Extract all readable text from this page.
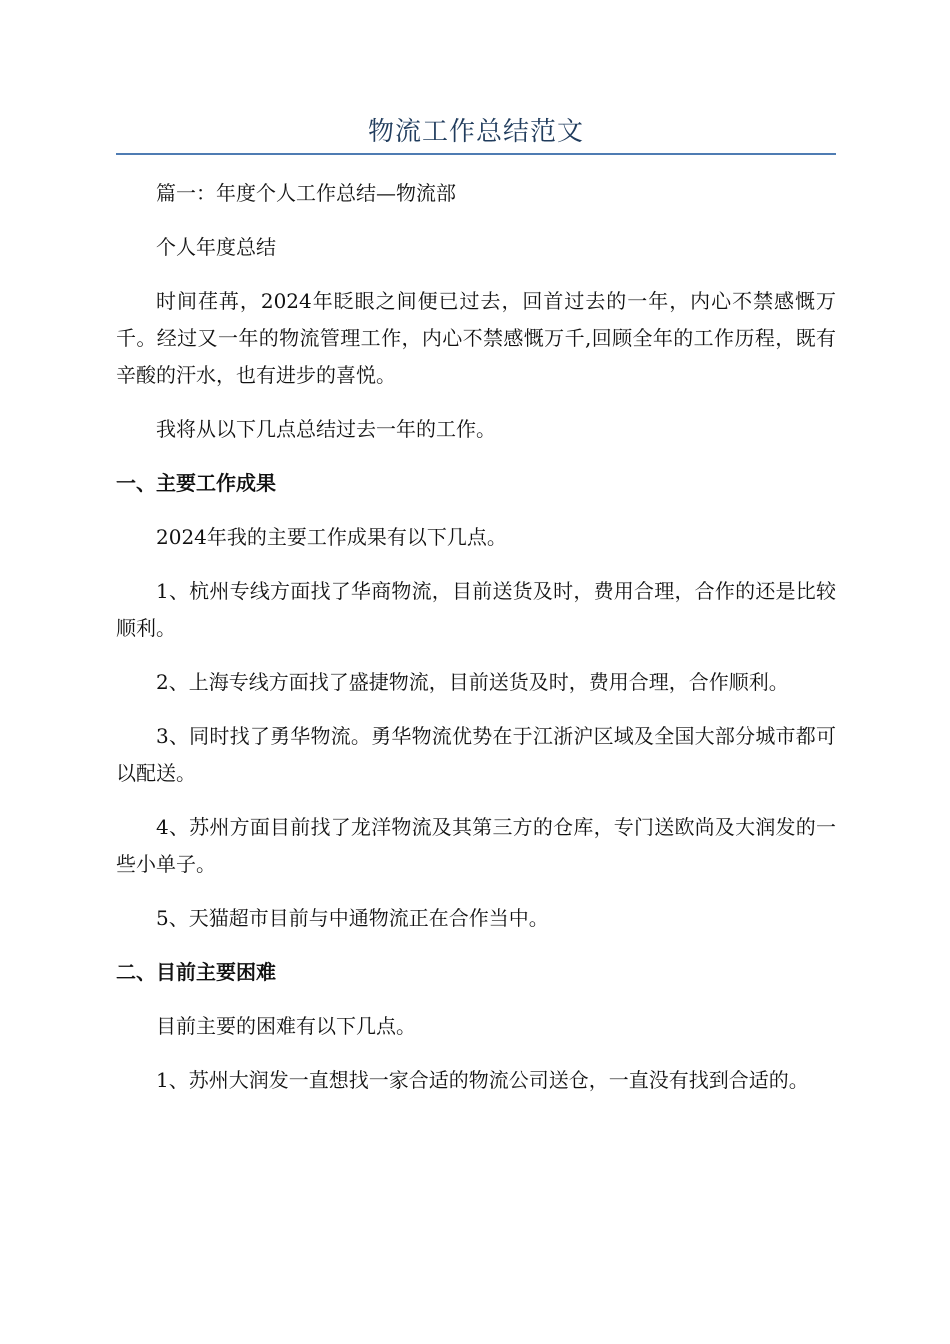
物流工作总结范文

篇一：年度个人工作总结—物流部

个人年度总结

时间荏苒，2024年眨眼之间便已过去，回首过去的一年，内心不禁感慨万千。经过又一年的物流管理工作，内心不禁感慨万千,回顾全年的工作历程，既有辛酸的汗水，也有进步的喜悦。

我将从以下几点总结过去一年的工作。

一、主要工作成果

2024年我的主要工作成果有以下几点。

1、杭州专线方面找了华商物流，目前送货及时，费用合理，合作的还是比较顺利。

2、上海专线方面找了盛捷物流，目前送货及时，费用合理，合作顺利。

3、同时找了勇华物流。勇华物流优势在于江浙沪区域及全国大部分城市都可以配送。

4、苏州方面目前找了龙洋物流及其第三方的仓库，专门送欧尚及大润发的一些小单子。

5、天猫超市目前与中通物流正在合作当中。

二、目前主要困难

目前主要的困难有以下几点。

1、苏州大润发一直想找一家合适的物流公司送仓，一直没有找到合适的。
